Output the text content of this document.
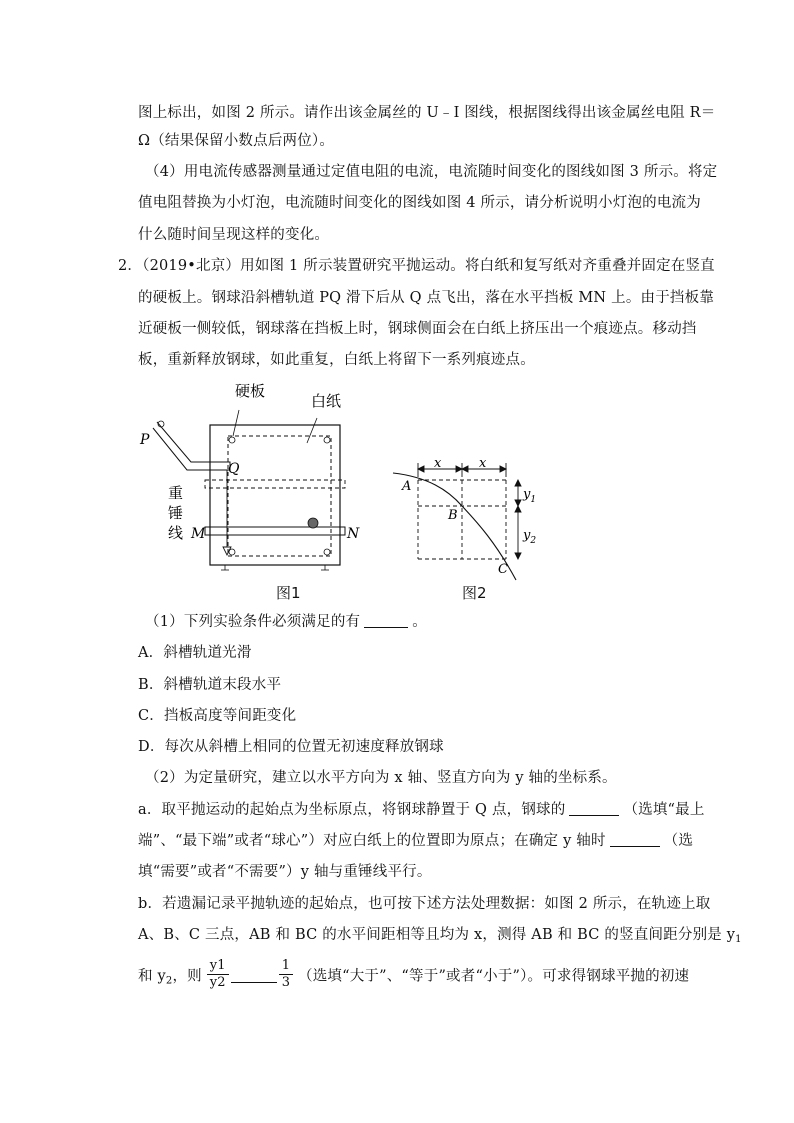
图上标出，如图 2 所示。请作出该金属丝的 U﹣I 图线，根据图线得出该金属丝电阻 R＝
Ω（结果保留小数点后两位）。
（4）用电流传感器测量通过定值电阻的电流，电流随时间变化的图线如图 3 所示。将定
值电阻替换为小灯泡，电流随时间变化的图线如图 4 所示，请分析说明小灯泡的电流为
什么随时间呈现这样的变化。
2．（2019•北京）用如图 1 所示装置研究平抛运动。将白纸和复写纸对齐重叠并固定在竖直
的硬板上。钢球沿斜槽轨道 PQ 滑下后从 Q 点飞出，落在水平挡板 MN 上。由于挡板靠
近硬板一侧较低，钢球落在挡板上时，钢球侧面会在白纸上挤压出一个痕迹点。移动挡
板，重新释放钢球，如此重复，白纸上将留下一系列痕迹点。
硬板
白纸
P
Q
M	N
重
锤
线
图1
x	x
A
B
C
$y_1$
$y_2$
图2
（1）下列实验条件必须满足的有	。
A．斜槽轨道光滑
B．斜槽轨道末段水平
C．挡板高度等间距变化
D．每次从斜槽上相同的位置无初速度释放钢球
（2）为定量研究，建立以水平方向为 x 轴、竖直方向为 y 轴的坐标系。
a．取平抛运动的起始点为坐标原点，将钢球静置于 Q 点，钢球的	（选填“最上
端”、“最下端”或者“球心”）对应白纸上的位置即为原点；在确定 y 轴时	（选
填“需要”或者“不需要”）y 轴与重锤线平行。
b．若遗漏记录平抛轨迹的起始点，也可按下述方法处理数据：如图 2 所示，在轨迹上取
A、B、C 三点，AB 和 BC 的水平间距相等且均为 x，测得 AB 和 BC 的竖直间距分别是 $y_1$
和 $y_2$，则 $\frac{y1}{y2}$	$\frac{1}{3}$ （选填“大于”、“等于”或者“小于”）。可求得钢球平抛的初速
